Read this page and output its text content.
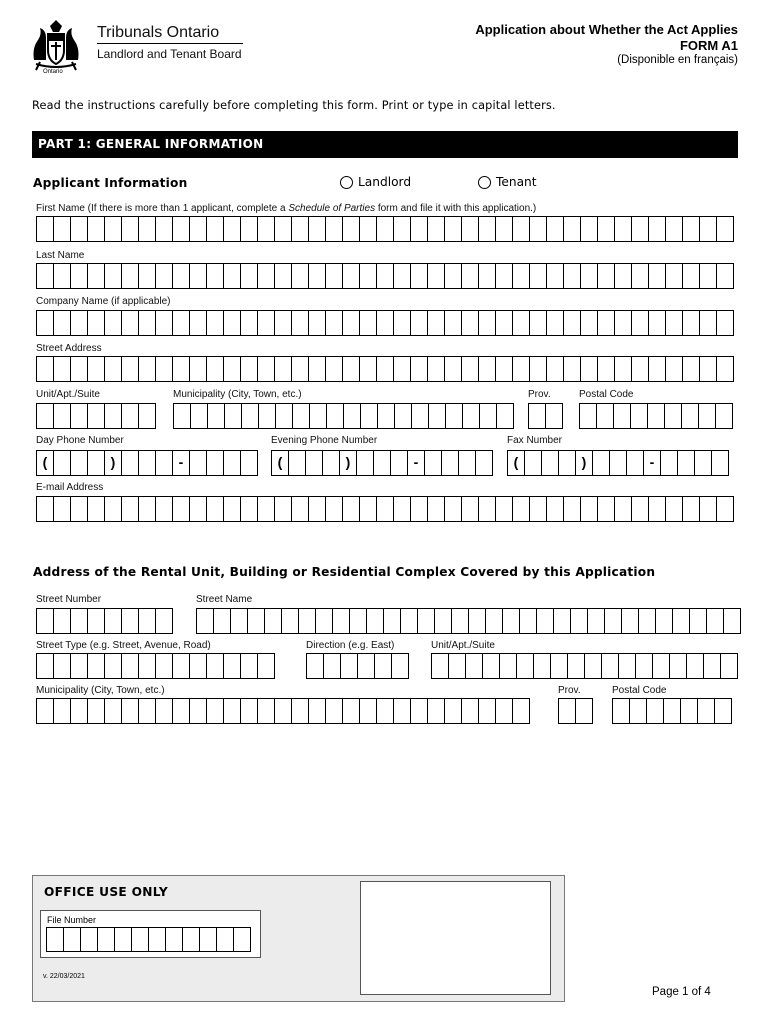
Ontario
Tribunals Ontario
Landlord and Tenant Board
Application about Whether the Act Applies
FORM A1
(Disponible en français)
Read the instructions carefully before completing this form. Print or type in capital letters.
PART 1: GENERAL INFORMATION
Applicant Information	Landlord	Tenant
First Name (If there is more than 1 applicant, complete a Schedule of Parties form and file it with this application.)
Last Name
Company Name (if applicable)
Street Address
Unit/Apt./Suite	Municipality (City, Town, etc.)	Prov.	Postal Code
Day Phone Number
(	)	-
Evening Phone Number
(	)	-
Fax Number
(	)	-
E-mail Address
Address of the Rental Unit, Building or Residential Complex Covered by this Application
Street Number	Street Name
Street Type (e.g. Street, Avenue, Road)	Direction (e.g. East)	Unit/Apt./Suite
Municipality (City, Town, etc.)	Prov.	Postal Code
OFFICE USE ONLY
File Number
v. 22/03/2021
Page 1 of 4
